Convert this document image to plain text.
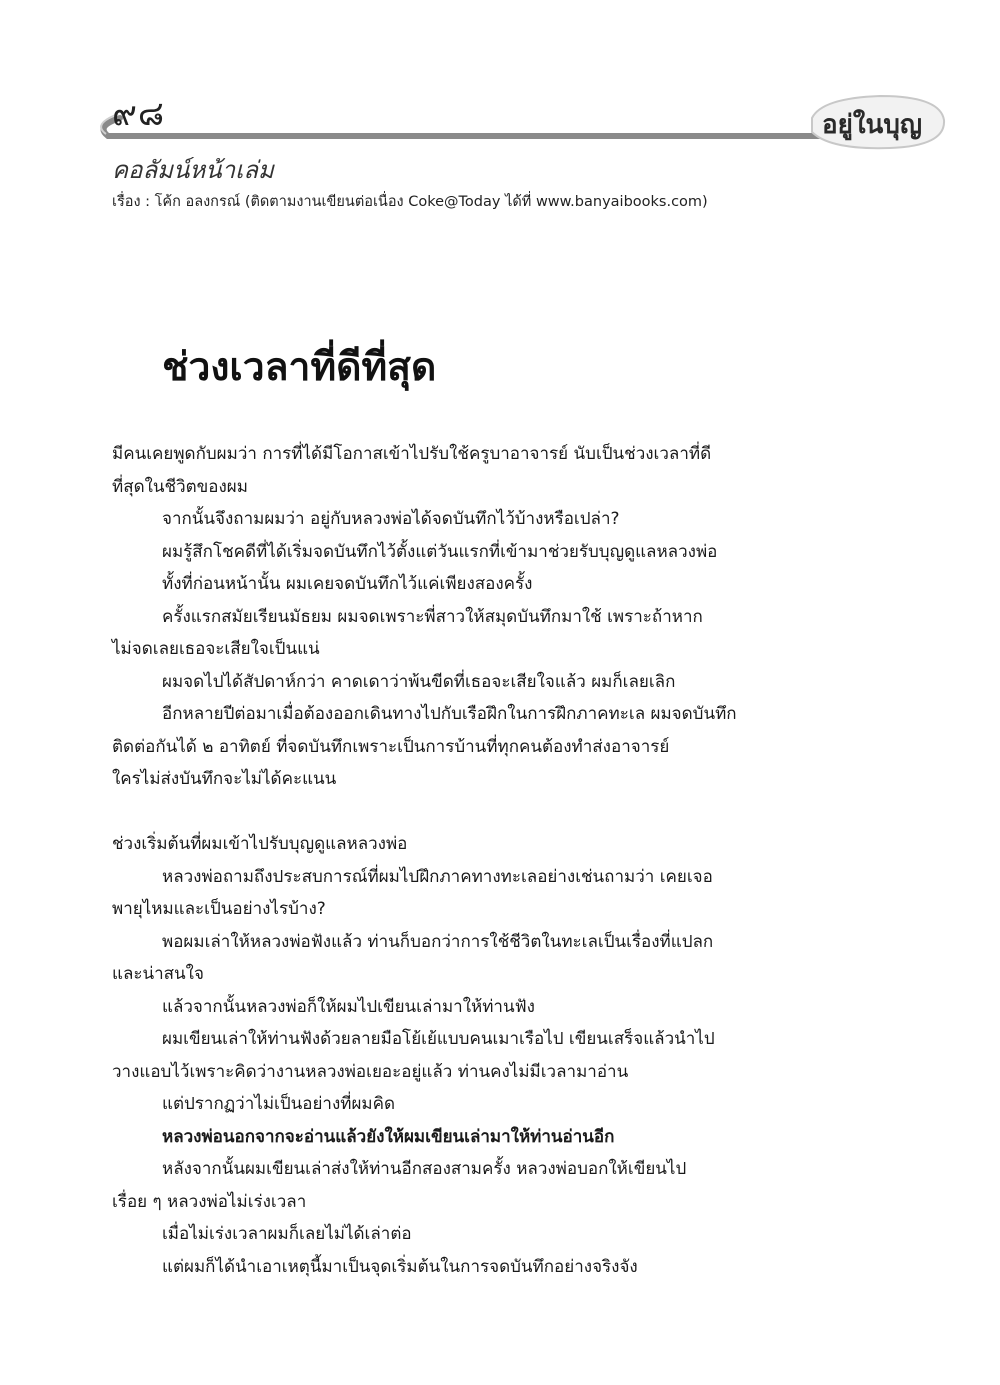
๙๘	อยู่ในบุญ
คอลัมน์หน้าเล่ม
เรื่อง : โค้ก อลงกรณ์ (ติดตามงานเขียนต่อเนื่อง Coke@Today ได้ที่ www.banyaibooks.com)
ช่วงเวลาที่ดีที่สุด

มีคนเคยพูดกับผมว่า การที่ได้มีโอกาสเข้าไปรับใช้ครูบาอาจารย์ นับเป็นช่วงเวลาที่ดี

ที่สุดในชีวิตของผม

จากนั้นจึงถามผมว่า อยู่กับหลวงพ่อได้จดบันทึกไว้บ้างหรือเปล่า?

ผมรู้สึกโชคดีที่ได้เริ่มจดบันทึกไว้ตั้งแต่วันแรกที่เข้ามาช่วยรับบุญดูแลหลวงพ่อ

ทั้งที่ก่อนหน้านั้น ผมเคยจดบันทึกไว้แค่เพียงสองครั้ง

ครั้งแรกสมัยเรียนมัธยม ผมจดเพราะพี่สาวให้สมุดบันทึกมาใช้ เพราะถ้าหาก

ไม่จดเลยเธอจะเสียใจเป็นแน่

ผมจดไปได้สัปดาห์กว่า คาดเดาว่าพ้นขีดที่เธอจะเสียใจแล้ว ผมก็เลยเลิก

อีกหลายปีต่อมาเมื่อต้องออกเดินทางไปกับเรือฝึกในการฝึกภาคทะเล ผมจดบันทึก

ติดต่อกันได้ ๒ อาทิตย์ ที่จดบันทึกเพราะเป็นการบ้านที่ทุกคนต้องทำส่งอาจารย์

ใครไม่ส่งบันทึกจะไม่ได้คะแนน

ช่วงเริ่มต้นที่ผมเข้าไปรับบุญดูแลหลวงพ่อ

หลวงพ่อถามถึงประสบการณ์ที่ผมไปฝึกภาคทางทะเลอย่างเช่นถามว่า เคยเจอ

พายุไหมและเป็นอย่างไรบ้าง?

พอผมเล่าให้หลวงพ่อฟังแล้ว ท่านก็บอกว่าการใช้ชีวิตในทะเลเป็นเรื่องที่แปลก

และน่าสนใจ

แล้วจากนั้นหลวงพ่อก็ให้ผมไปเขียนเล่ามาให้ท่านฟัง

ผมเขียนเล่าให้ท่านฟังด้วยลายมือโย้เย้แบบคนเมาเรือไป เขียนเสร็จแล้วนำไป

วางแอบไว้เพราะคิดว่างานหลวงพ่อเยอะอยู่แล้ว ท่านคงไม่มีเวลามาอ่าน

แต่ปรากฏว่าไม่เป็นอย่างที่ผมคิด

หลวงพ่อนอกจากจะอ่านแล้วยังให้ผมเขียนเล่ามาให้ท่านอ่านอีก

หลังจากนั้นผมเขียนเล่าส่งให้ท่านอีกสองสามครั้ง หลวงพ่อบอกให้เขียนไป

เรื่อย ๆ หลวงพ่อไม่เร่งเวลา

เมื่อไม่เร่งเวลาผมก็เลยไม่ได้เล่าต่อ

แต่ผมก็ได้นำเอาเหตุนี้มาเป็นจุดเริ่มต้นในการจดบันทึกอย่างจริงจัง
